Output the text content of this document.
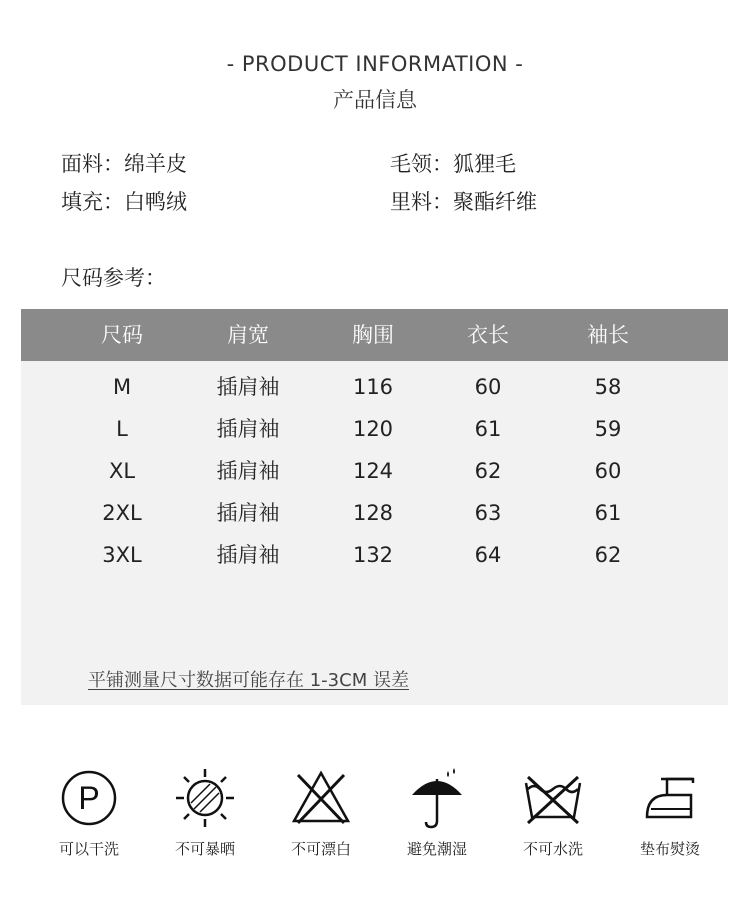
- PRODUCT INFORMATION -
产品信息
面料：绵羊皮	毛领：狐狸毛
填充：白鸭绒	里料：聚酯纤维
尺码参考：
尺码	肩宽	胸围	衣长	袖长
M	插肩袖	116	60	58
L	插肩袖	120	61	59
XL	插肩袖	124	62	60
2XL	插肩袖	128	63	61
3XL	插肩袖	132	64	62
平铺测量尺寸数据可能存在 1-3CM 误差
P
可以干洗	不可暴晒	不可漂白	避免潮湿	不可水洗	垫布熨烫
